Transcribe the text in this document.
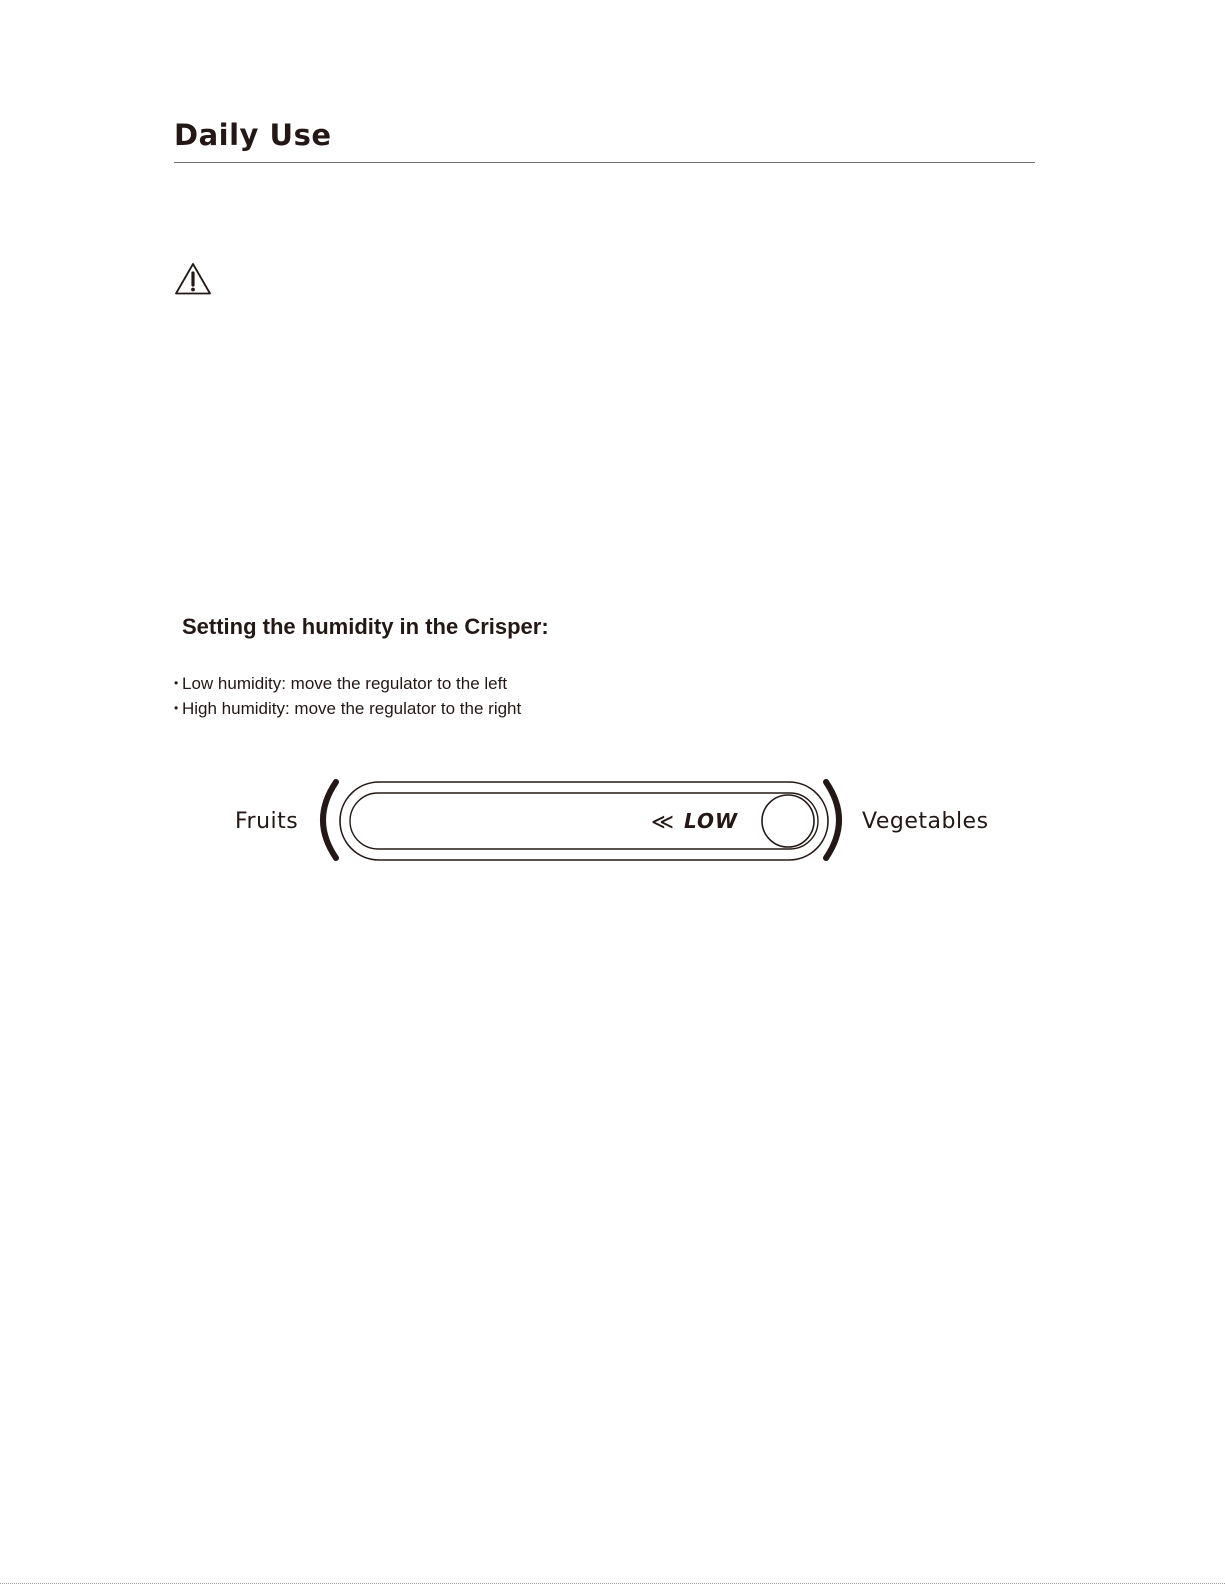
Daily Use
Setting the humidity in the Crisper:
• Low humidity: move the regulator to the left
• High humidity: move the regulator to the right
Fruits	≪ LOW	Vegetables
